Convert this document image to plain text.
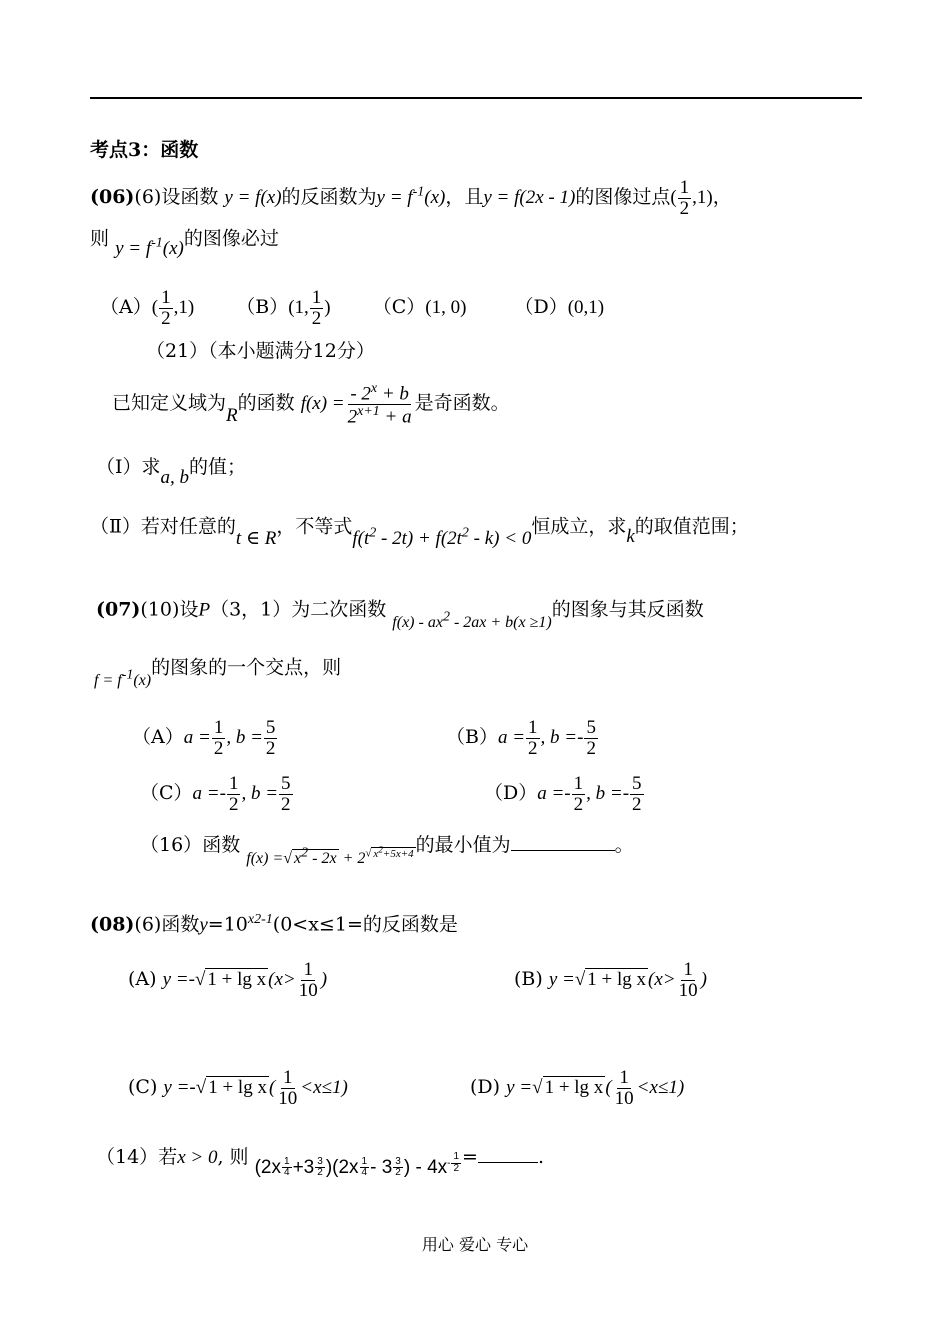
考点3：函数
(06)(6)设函数 y = f(x)的反函数为$y = f^{-1}(x)$，且y = f(2x - 1)的图像过点( $\frac{1}{2} ,1$)，
则 $y = f^{-1}(x)$的图像必过
$(A)( \frac{1}{2} ,1)$ （B）(1, $\frac{1}{2}$ ) （C）(1, 0)	（D）(0,1)
（21）（本小题满分12分）
已知定义域为R的函数 $f(x) = \frac{- 2^x + b}{2^{x+1} + a}$ 是奇函数。
（Ⅰ）求a, b的值；
（Ⅱ）若对任意的t ∈ R，不等式$f(t^2 - 2t) + f(2t^2 - k) < 0$恒成立，求k的取值范围；
(07)(10)设P（3，1）为二次函数 $_{f(x) - ax^2 - 2ax + b(x \ge 1)}$的图象与其反函数
$_{f = f^{-1}(x)}$的图象的一个交点，则
$(A)a = \frac{1}{2}$ , $b = \frac{5}{2}$	$(B)a = \frac{1}{2}$ , $b =- \frac{5}{2}$
$(C)a =- \frac{1}{2}$ , $b = \frac{5}{2}$	$(D)a =- \frac{1}{2}$ , $b =- \frac{5}{2}$
（16）函数 $_{f(x) =√ x^2 - 2x + 2^{√ x^2+5x+4}}$ 的最小值为	。
(08)(6)函数$y=10^{x2-1}(0<x\le 1=$的反函数是
(A) y =-√ 1 + lg x ($x> \frac{1}{10}$ )	(B) y =√ 1 + lg x ($x> \frac{1}{10}$ )
(C) y =-√ 1 + lg x ( $\frac{1}{10} <x\le 1$)	(D) y =√ 1 + lg x ( $\frac{1}{10} <x\le 1$)
（14）若x > 0, 则 $(2x \frac{1}{4} +3 \frac{3}{2} )(2x \frac{1}{4} - 3 \frac{3}{2}$ ) - $4x^{- \frac{1}{2}}$ =	.
用心 爱心 专心
